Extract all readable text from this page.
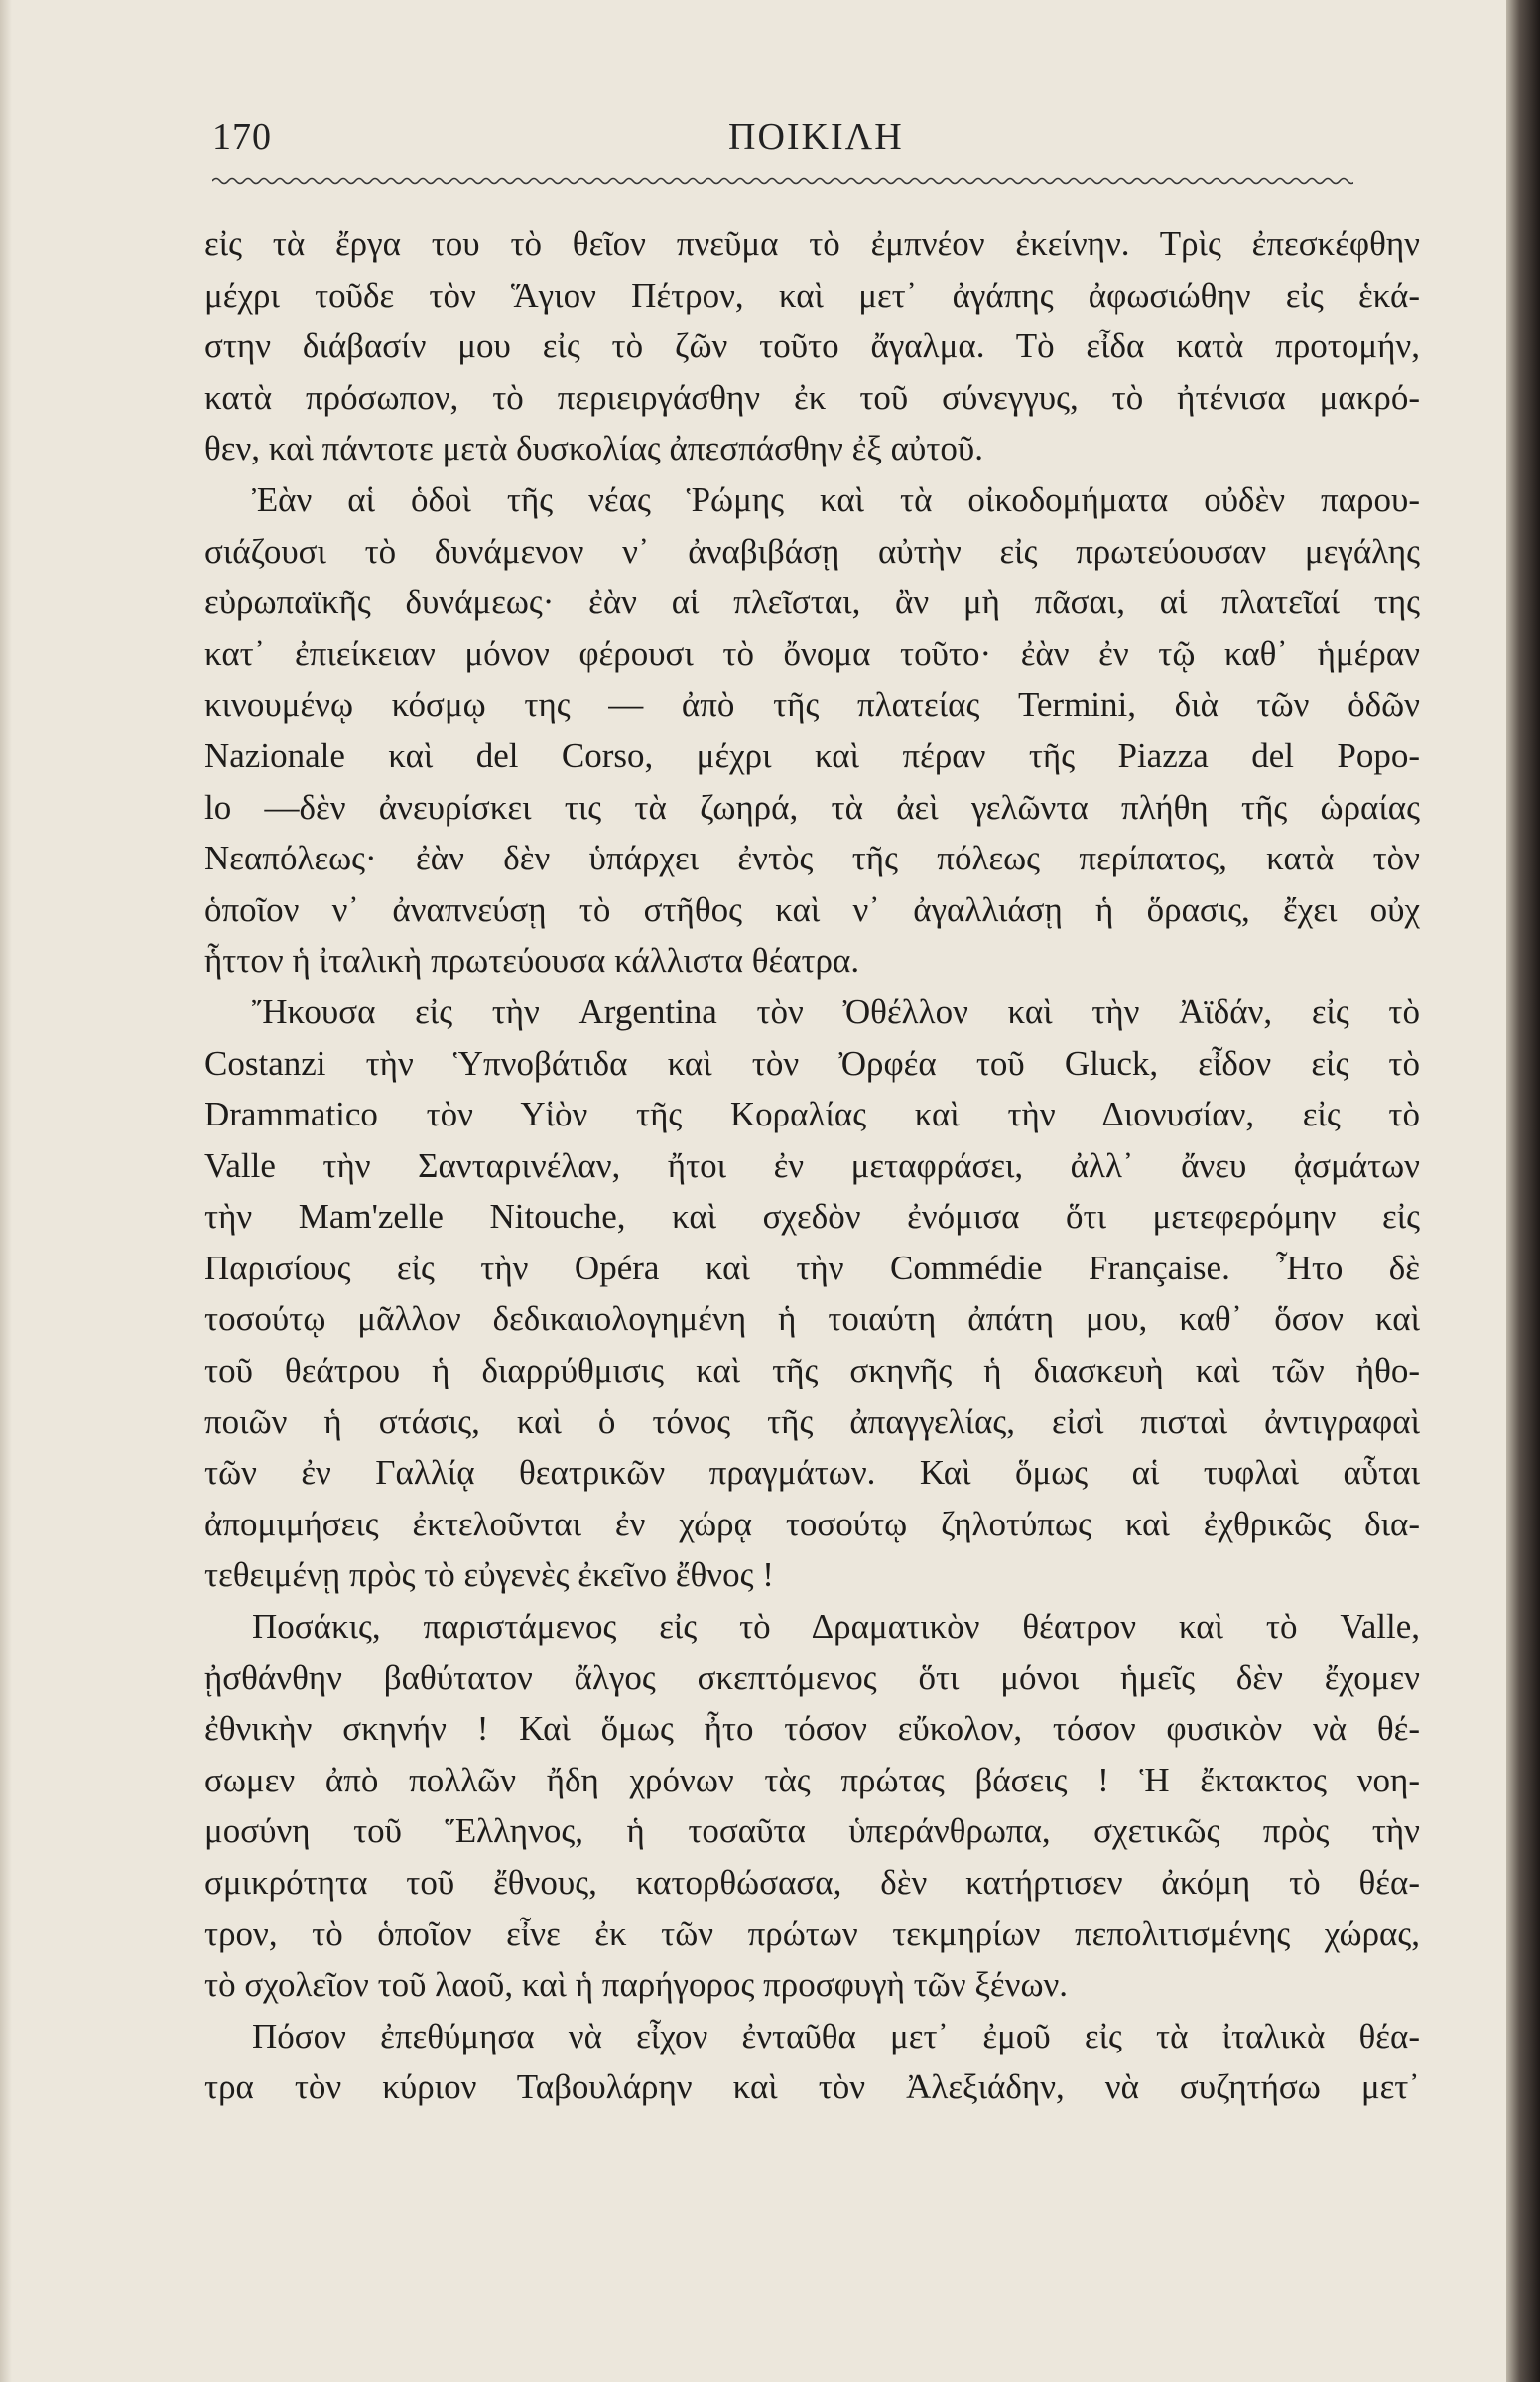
170	ΠΟΙΚΙΛΗ
εἰς τὰ ἔργα του τὸ θεῖον πνεῦμα τὸ ἐμπνέον ἐκείνην. Τρὶς ἐπεσκέφθην
μέχρι τοῦδε τὸν Ἅγιον Πέτρον, καὶ μετ᾽ ἀγάπης ἀφωσιώθην εἰς ἑκά-
στην διάβασίν μου εἰς τὸ ζῶν τοῦτο ἄγαλμα. Τὸ εἶδα κατὰ προτομήν,
κατὰ πρόσωπον, τὸ περιειργάσθην ἐκ τοῦ σύνεγγυς, τὸ ἠτένισα μακρό-
θεν, καὶ πάντοτε μετὰ δυσκολίας ἀπεσπάσθην ἐξ αὐτοῦ.
Ἐὰν αἱ ὁδοὶ τῆς νέας Ῥώμης καὶ τὰ οἰκοδομήματα οὐδὲν παρου-
σιάζουσι τὸ δυνάμενον ν᾽ ἀναβιβάσῃ αὐτὴν εἰς πρωτεύουσαν μεγάλης
εὐρωπαϊκῆς δυνάμεως· ἐὰν αἱ πλεῖσται, ἂν μὴ πᾶσαι, αἱ πλατεῖαί της
κατ᾽ ἐπιείκειαν μόνον φέρουσι τὸ ὄνομα τοῦτο· ἐὰν ἐν τῷ καθ᾽ ἡμέραν
κινουμένῳ κόσμῳ της — ἀπὸ τῆς πλατείας Termini, διὰ τῶν ὁδῶν
Nazionale καὶ del Corso, μέχρι καὶ πέραν τῆς Piazza del Popo-
lo —δὲν ἀνευρίσκει τις τὰ ζωηρά, τὰ ἀεὶ γελῶντα πλήθη τῆς ὡραίας
Νεαπόλεως· ἐὰν δὲν ὑπάρχει ἐντὸς τῆς πόλεως περίπατος, κατὰ τὸν
ὁποῖον ν᾽ ἀναπνεύσῃ τὸ στῆθος καὶ ν᾽ ἀγαλλιάσῃ ἡ ὅρασις, ἔχει οὐχ
ἧττον ἡ ἰταλικὴ πρωτεύουσα κάλλιστα θέατρα.
Ἤκουσα εἰς τὴν Argentina τὸν Ὀθέλλον καὶ τὴν Ἀϊδάν, εἰς τὸ
Costanzi τὴν Ὑπνοβάτιδα καὶ τὸν Ὀρφέα τοῦ Gluck, εἶδον εἰς τὸ
Drammatico τὸν Υἱὸν τῆς Κοραλίας καὶ τὴν Διονυσίαν, εἰς τὸ
Valle τὴν Σανταρινέλαν, ἤτοι ἐν μεταφράσει, ἀλλ᾽ ἄνευ ᾀσμάτων
τὴν Mam'zelle Nitouche, καὶ σχεδὸν ἐνόμισα ὅτι μετεφερόμην εἰς
Παρισίους εἰς τὴν Opéra καὶ τὴν Commédie Française. Ἦτο δὲ
τοσούτῳ μᾶλλον δεδικαιολογημένη ἡ τοιαύτη ἀπάτη μου, καθ᾽ ὅσον καὶ
τοῦ θεάτρου ἡ διαρρύθμισις καὶ τῆς σκηνῆς ἡ διασκευὴ καὶ τῶν ἠθο-
ποιῶν ἡ στάσις, καὶ ὁ τόνος τῆς ἀπαγγελίας, εἰσὶ πισταὶ ἀντιγραφαὶ
τῶν ἐν Γαλλίᾳ θεατρικῶν πραγμάτων. Καὶ ὅμως αἱ τυφλαὶ αὗται
ἀπομιμήσεις ἐκτελοῦνται ἐν χώρᾳ τοσούτῳ ζηλοτύπως καὶ ἐχθρικῶς δια-
τεθειμένῃ πρὸς τὸ εὐγενὲς ἐκεῖνο ἔθνος !
Ποσάκις, παριστάμενος εἰς τὸ Δραματικὸν θέατρον καὶ τὸ Valle,
ᾐσθάνθην βαθύτατον ἄλγος σκεπτόμενος ὅτι μόνοι ἡμεῖς δὲν ἔχομεν
ἐθνικὴν σκηνήν ! Καὶ ὅμως ἦτο τόσον εὔκολον, τόσον φυσικὸν νὰ θέ-
σωμεν ἀπὸ πολλῶν ἤδη χρόνων τὰς πρώτας βάσεις ! Ἡ ἔκτακτος νοη-
μοσύνη τοῦ Ἕλληνος, ἡ τοσαῦτα ὑπεράνθρωπα, σχετικῶς πρὸς τὴν
σμικρότητα τοῦ ἔθνους, κατορθώσασα, δὲν κατήρτισεν ἀκόμη τὸ θέα-
τρον, τὸ ὁποῖον εἶνε ἐκ τῶν πρώτων τεκμηρίων πεπολιτισμένης χώρας,
τὸ σχολεῖον τοῦ λαοῦ, καὶ ἡ παρήγορος προσφυγὴ τῶν ξένων.
Πόσον ἐπεθύμησα νὰ εἶχον ἐνταῦθα μετ᾽ ἐμοῦ εἰς τὰ ἰταλικὰ θέα-
τρα τὸν κύριον Ταβουλάρην καὶ τὸν Ἀλεξιάδην, νὰ συζητήσω μετ᾽
